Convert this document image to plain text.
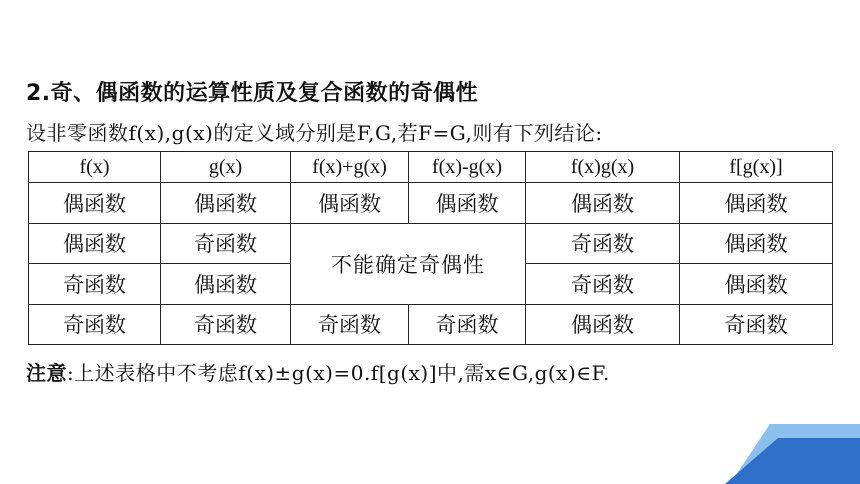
2.奇、偶函数的运算性质及复合函数的奇偶性
设非零函数f(x),g(x)的定义域分别是F,G,若F=G,则有下列结论:
f(x)	g(x)	f(x)+g(x)	f(x)-g(x)	f(x)g(x)	f[g(x)]
偶函数	偶函数	偶函数	偶函数	偶函数	偶函数
偶函数	奇函数	不能确定奇偶性		奇函数	偶函数
奇函数	偶函数			奇函数	偶函数
奇函数	奇函数	奇函数	奇函数	偶函数	奇函数
注意:上述表格中不考虑f(x)±g(x)=0.f[g(x)]中,需x∈G,g(x)∈F.
